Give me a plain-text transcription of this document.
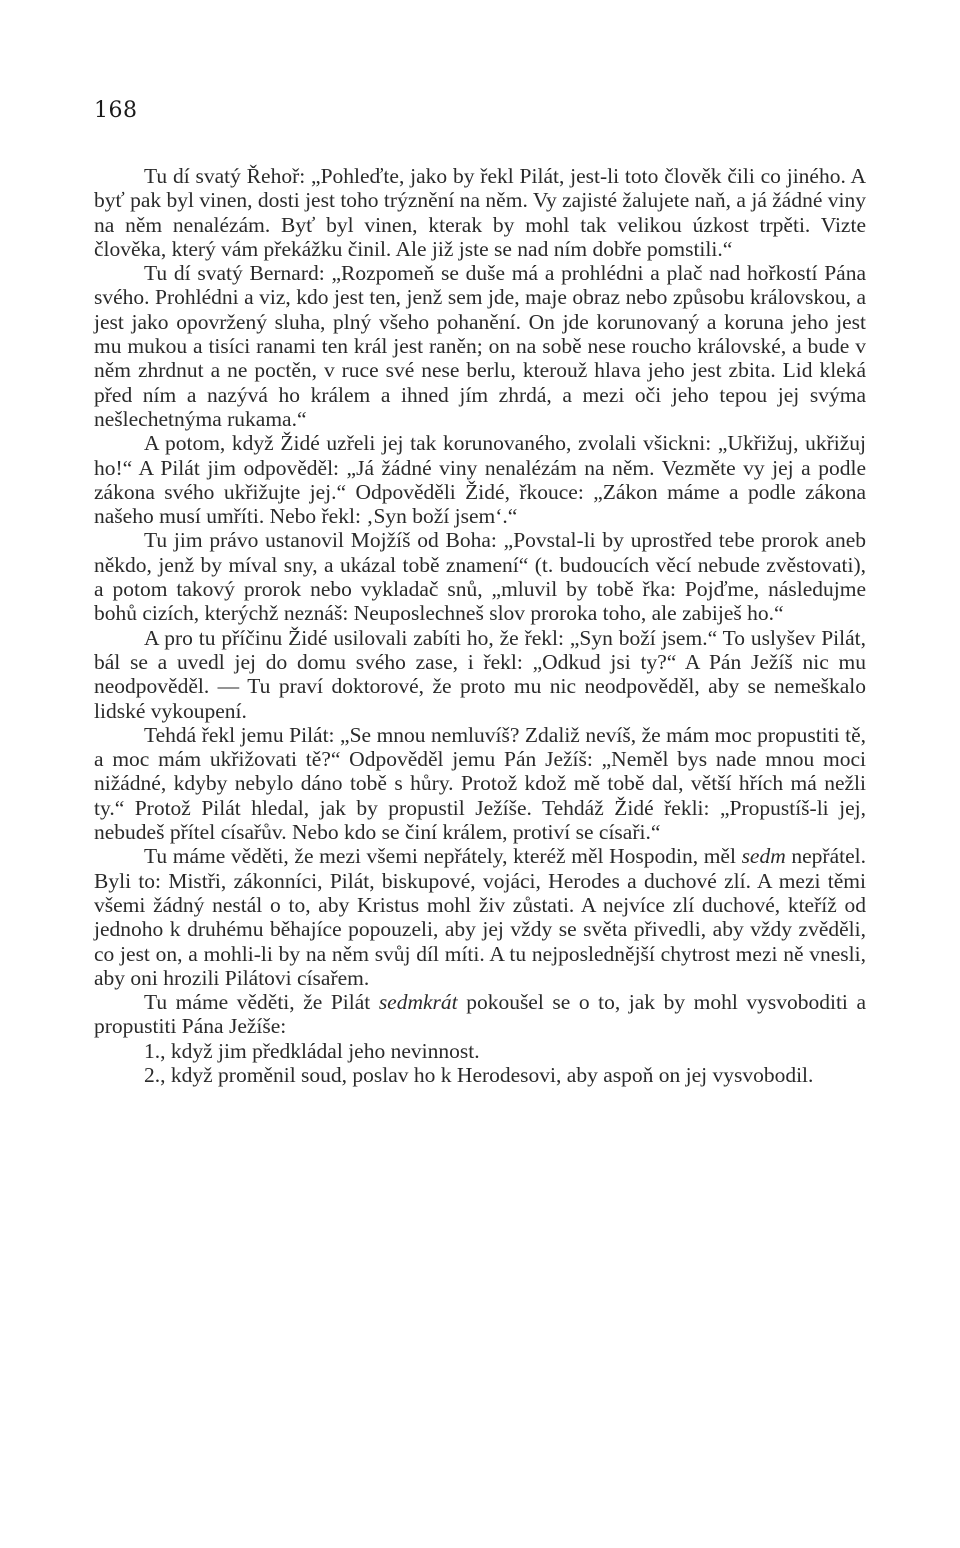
168

Tu dí svatý Řehoř: „Pohleďte, jako by řekl Pilát, jest-li toto člověk čili co jiného. A byť pak byl vinen, dosti jest toho trýznění na něm. Vy zajisté žalujete naň, a já žádné viny na něm nenalézám. Byť byl vinen, kterak by mohl tak velikou úzkost trpěti. Vizte člověka, který vám překážku činil. Ale již jste se nad ním dobře pomstili.“

Tu dí svatý Bernard: „Rozpomeň se duše má a prohlédni a plač nad hořkostí Pána svého. Prohlédni a viz, kdo jest ten, jenž sem jde, maje obraz nebo způsobu královskou, a jest jako opovržený sluha, plný všeho pohanění. On jde korunovaný a koruna jeho jest mu mukou a tisíci ranami ten král jest raněn; on na sobě nese roucho královské, a bude v něm zhrdnut a ne poctěn, v ruce své nese berlu, kterouž hlava jeho jest zbita. Lid kleká před ním a nazývá ho králem a ihned jím zhrdá, a mezi oči jeho tepou jej svýma nešlechetnýma rukama.“

A potom, když Židé uzřeli jej tak korunovaného, zvolali všickni: „Ukřižuj, ukřižuj ho!“ A Pilát jim odpověděl: „Já žádné viny nenalézám na něm. Vezměte vy jej a podle zákona svého ukřižujte jej.“ Odpověděli Židé, řkouce: „Zákon máme a podle zákona našeho musí umříti. Nebo řekl: ‚Syn boží jsem‘.“

Tu jim právo ustanovil Mojžíš od Boha: „Povstal-li by uprostřed tebe prorok aneb někdo, jenž by míval sny, a ukázal tobě znamení“ (t. budoucích věcí nebude zvěstovati), a potom takový prorok nebo vykladač snů, „mluvil by tobě řka: Pojďme, následujme bohů cizích, kterýchž neznáš: Neuposlechneš slov proroka toho, ale zabiješ ho.“

A pro tu příčinu Židé usilovali zabíti ho, že řekl: „Syn boží jsem.“ To uslyšev Pilát, bál se a uvedl jej do domu svého zase, i řekl: „Odkud jsi ty?“ A Pán Ježíš nic mu neodpověděl. — Tu praví doktorové, že proto mu nic neodpověděl, aby se nemeškalo lidské vykoupení.

Tehdá řekl jemu Pilát: „Se mnou nemluvíš? Zdaliž nevíš, že mám moc propustiti tě, a moc mám ukřižovati tě?“ Odpověděl jemu Pán Ježíš: „Neměl bys nade mnou moci nižádné, kdyby nebylo dáno tobě s hůry. Protož kdož mě tobě dal, větší hřích má nežli ty.“ Protož Pilát hledal, jak by propustil Ježíše. Tehdáž Židé řekli: „Propustíš-li jej, nebudeš přítel císařův. Nebo kdo se činí králem, protiví se císaři.“

Tu máme věděti, že mezi všemi nepřátely, kteréž měl Hospodin, měl sedm nepřátel. Byli to: Mistři, zákonníci, Pilát, biskupové, vojáci, Herodes a duchové zlí. A mezi těmi všemi žádný nestál o to, aby Kristus mohl živ zůstati. A nejvíce zlí duchové, kteříž od jednoho k druhému běhajíce popouzeli, aby jej vždy se světa přivedli, aby vždy zvěděli, co jest on, a mohli-li by na něm svůj díl míti. A tu nejposlednější chytrost mezi ně vnesli, aby oni hrozili Pilátovi císařem.

Tu máme věděti, že Pilát sedmkrát pokoušel se o to, jak by mohl vysvoboditi a propustiti Pána Ježíše:

1., když jim předkládal jeho nevinnost.

2., když proměnil soud, poslav ho k Herodesovi, aby aspoň on jej vysvobodil.
